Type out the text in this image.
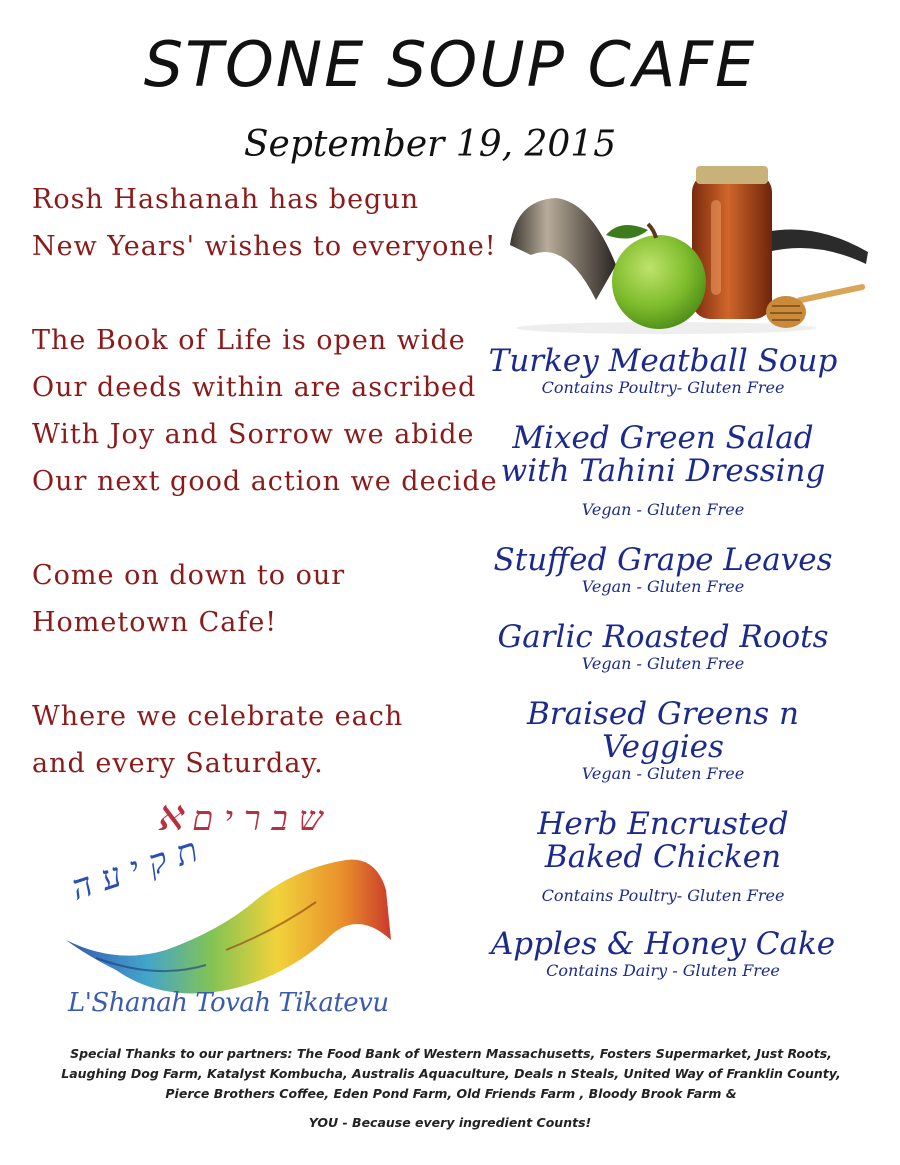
STONE SOUP CAFE
September 19, 2015
Rosh Hashanah has begun
New Years' wishes to everyone!
The Book of Life is open wide
Our deeds within are ascribed
With Joy and Sorrow we abide
Our next good action we decide
Come on down to our Hometown Cafe!
Where we celebrate each and every Saturday.
Turkey Meatball Soup
Contains Poultry- Gluten Free
Mixed Green Salad with Tahini Dressing
Vegan - Gluten Free
Stuffed Grape Leaves
Vegan - Gluten Free
Garlic Roasted Roots
Vegan - Gluten Free
Braised Greens n Veggies
Vegan - Gluten Free
Herb Encrusted Baked Chicken
Contains Poultry- Gluten Free
Apples & Honey Cake
Contains Dairy - Gluten Free
ℵ ש ב ר י ם
ת ק י ע ה
L'Shanah Tovah Tikatevu
Special Thanks to our partners: The Food Bank of Western Massachusetts, Fosters Supermarket, Just Roots, Laughing Dog Farm, Katalyst Kombucha, Australis Aquaculture, Deals n Steals, United Way of Franklin County, Pierce Brothers Coffee, Eden Pond Farm, Old Friends Farm , Bloody Brook Farm &
YOU - Because every ingredient Counts!
